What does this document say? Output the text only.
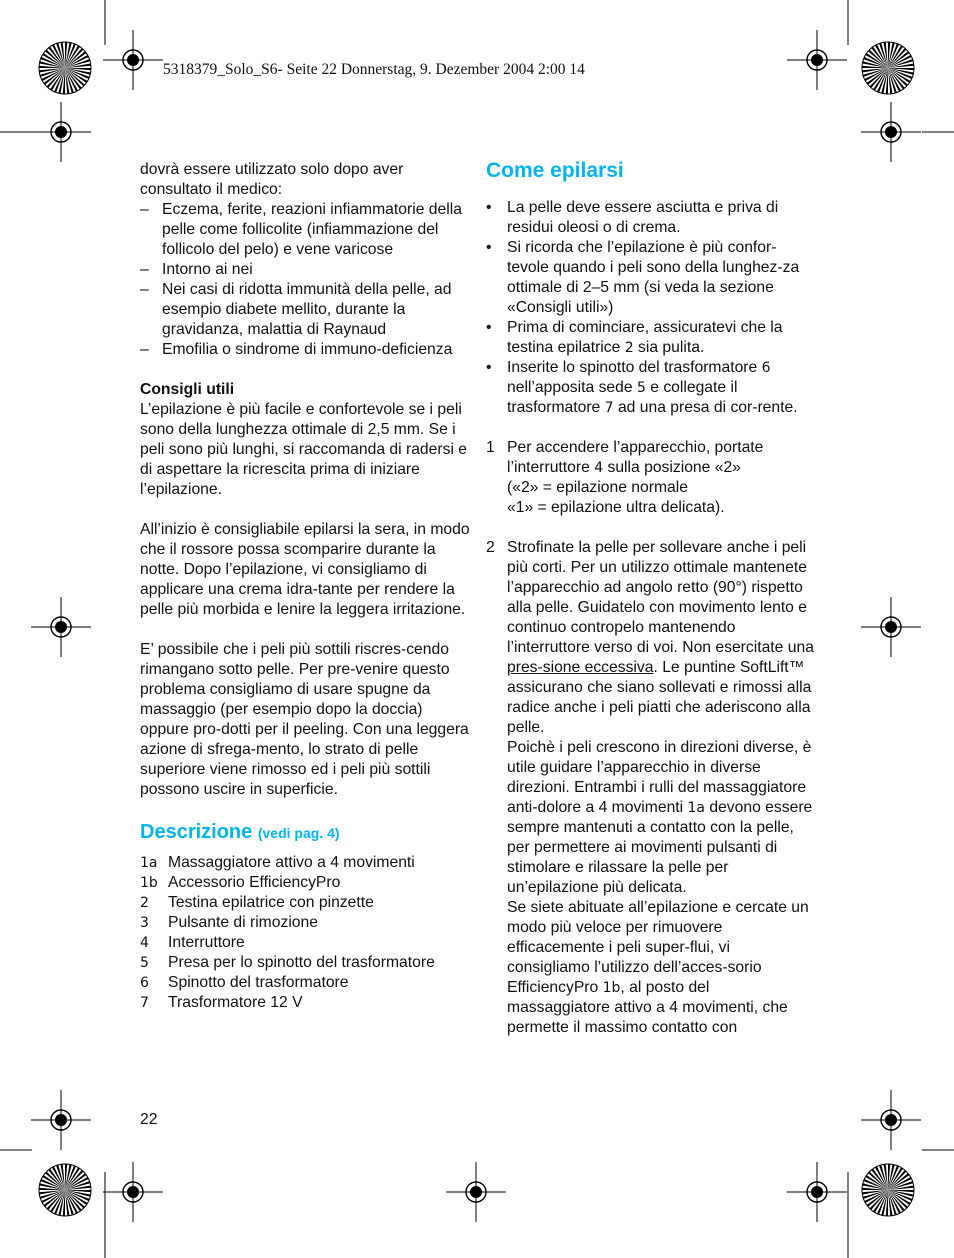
5318379_Solo_S6- Seite 22 Donnerstag, 9. Dezember 2004 2:00 14

dovrà essere utilizzato solo dopo aver

consultato il medico:

– Eczema, ferite, reazioni infiammatorie della pelle come follicolite (infiammazione del follicolo del pelo) e vene varicose
– Intorno ai nei
– Nei casi di ridotta immunità della pelle, ad esempio diabete mellito, durante la gravidanza, malattia di Raynaud
– Emofilia o sindrome di immuno-deficienza

Consigli utili

L’epilazione è più facile e confortevole se i peli sono della lunghezza ottimale di 2,5 mm. Se i peli sono più lunghi, si raccomanda di radersi e di aspettare la ricrescita prima di iniziare l’epilazione.

All’inizio è consigliabile epilarsi la sera, in modo che il rossore possa scomparire durante la notte. Dopo l’epilazione, vi consigliamo di applicare una crema idra-tante per rendere la pelle più morbida e lenire la leggera irritazione.

E’ possibile che i peli più sottili riscres-cendo rimangano sotto pelle. Per pre-venire questo problema consigliamo di usare spugne da massaggio (per esempio dopo la doccia) oppure pro-dotti per il peeling. Con una leggera azione di sfrega-mento, lo strato di pelle superiore viene rimosso ed i peli più sottili possono uscire in superficie.

Descrizione (vedi pag. 4)
1a Massaggiatore attivo a 4 movimenti
1b Accessorio EfficiencyPro
2 Testina epilatrice con pinzette
3 Pulsante di rimozione
4 Interruttore
5 Presa per lo spinotto del trasformatore
6 Spinotto del trasformatore
7 Trasformatore 12 V
Come epilarsi
• La pelle deve essere asciutta e priva di residui oleosi o di crema.
• Si ricorda che l’epilazione è più confor-tevole quando i peli sono della lunghez-za ottimale di 2–5 mm (si veda la sezione «Consigli utili»)
• Prima di cominciare, assicuratevi che la testina epilatrice 2 sia pulita.
• Inserite lo spinotto del trasformatore 6 nell’apposita sede 5 e collegate il trasformatore 7 ad una presa di cor-rente.
1 Per accendere l’apparecchio, portate l’interruttore 4 sulla posizione «2»
(«2» = epilazione normale
«1» = epilazione ultra delicata).
2 Strofinate la pelle per sollevare anche i peli più corti. Per un utilizzo ottimale mantenete l’apparecchio ad angolo retto (90°) rispetto alla pelle. Guidatelo con movimento lento e continuo contropelo mantenendo l’interruttore verso di voi. Non esercitate una pres-sione eccessiva. Le puntine SoftLift™ assicurano che siano sollevati e rimossi alla radice anche i peli piatti che aderiscono alla pelle.
Poichè i peli crescono in direzioni diverse, è utile guidare l’apparecchio in diverse direzioni. Entrambi i rulli del massaggiatore anti-dolore a 4 movimenti 1a devono essere sempre mantenuti a contatto con la pelle, per permettere ai movimenti pulsanti di stimolare e rilassare la pelle per un’epilazione più delicata.
Se siete abituate all’epilazione e cercate un modo più veloce per rimuovere efficacemente i peli super-flui, vi consigliamo l’utilizzo dell’acces-sorio EfficiencyPro 1b, al posto del massaggiatore attivo a 4 movimenti, che permette il massimo contatto con
22
